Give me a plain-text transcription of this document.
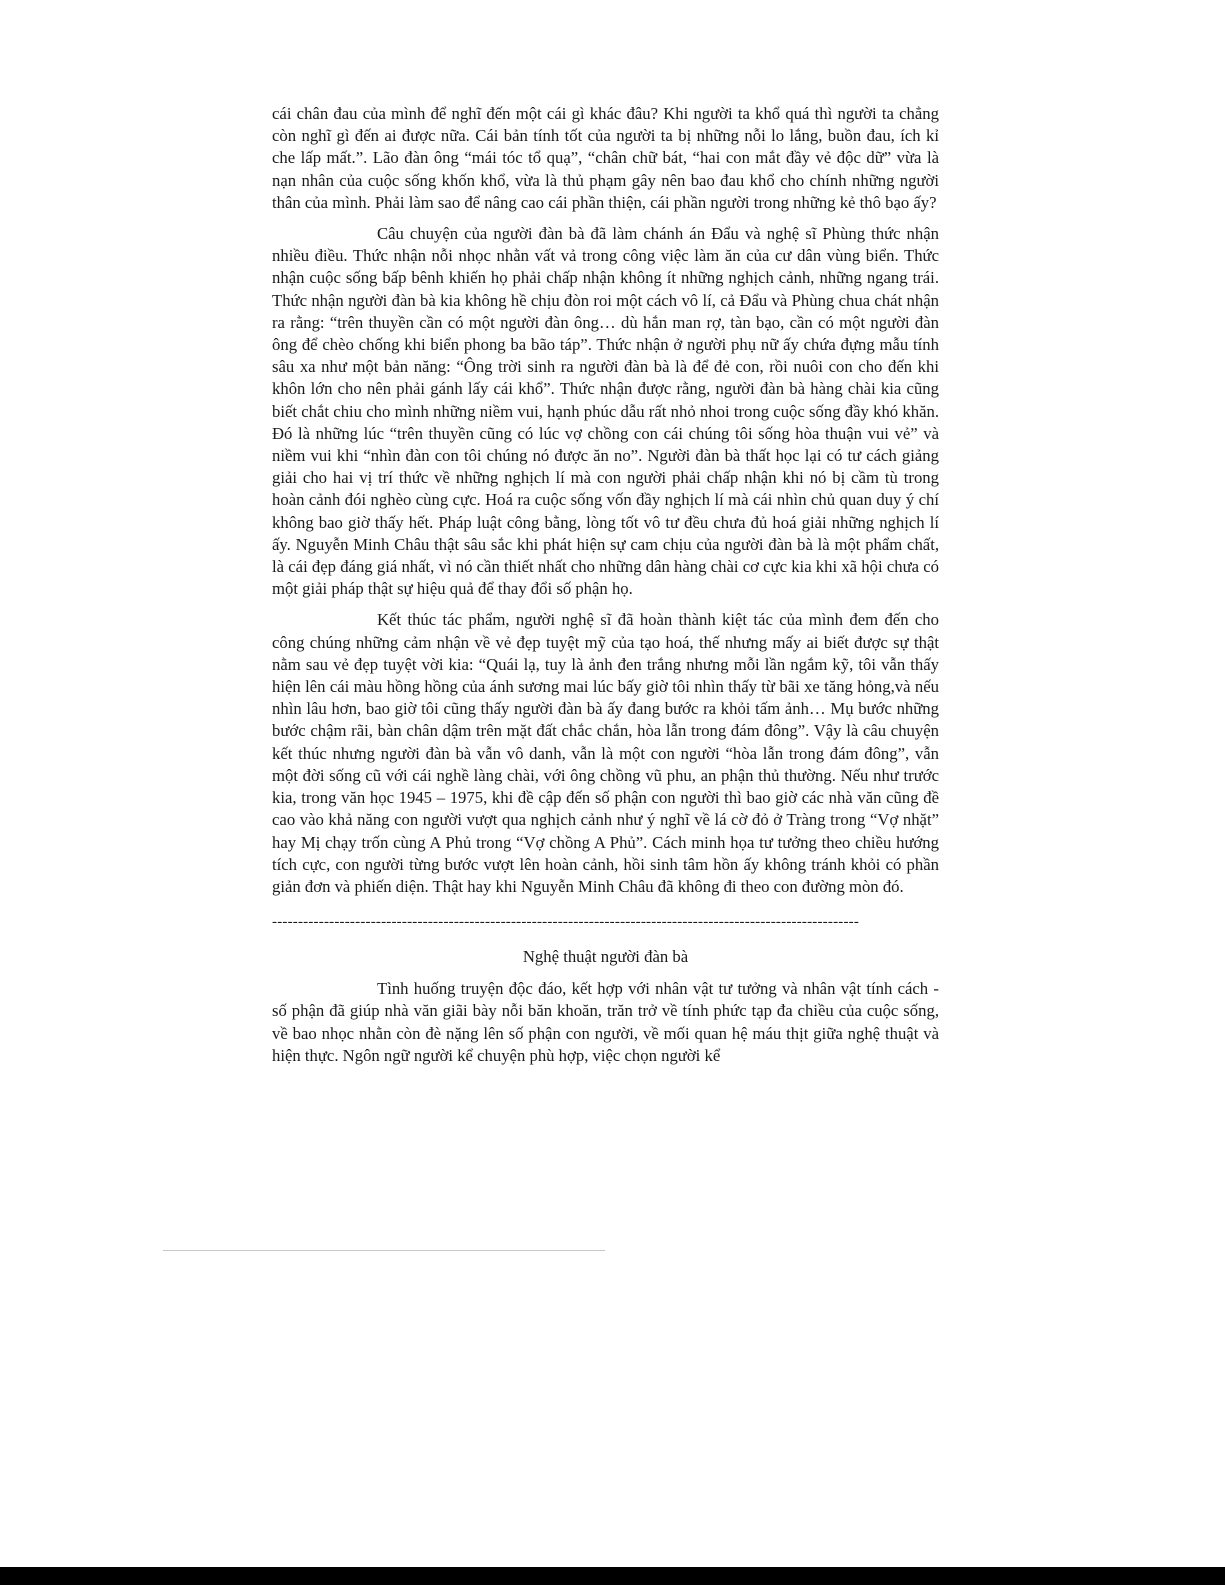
cái chân đau của mình để nghĩ đến một cái gì khác đâu? Khi người ta khổ quá thì người ta chẳng còn nghĩ gì đến ai được nữa. Cái bản tính tốt của người ta bị những nỗi lo lắng, buồn đau, ích kỉ che lấp mất.”. Lão đàn ông “mái tóc tổ quạ”, “chân chữ bát, “hai con mắt đầy vẻ độc dữ” vừa là nạn nhân của cuộc sống khốn khổ, vừa là thủ phạm gây nên bao đau khổ cho chính những người thân của mình. Phải làm sao để nâng cao cái phần thiện, cái phần người trong những kẻ thô bạo ấy?

Câu chuyện của người đàn bà đã làm chánh án Đẩu và nghệ sĩ Phùng thức nhận nhiều điều. Thức nhận nỗi nhọc nhằn vất vả trong công việc làm ăn của cư dân vùng biển. Thức nhận cuộc sống bấp bênh khiến họ phải chấp nhận không ít những nghịch cảnh, những ngang trái. Thức nhận người đàn bà kia không hề chịu đòn roi một cách vô lí, cả Đẩu và Phùng chua chát nhận ra rằng: “trên thuyền cần có một người đàn ông… dù hắn man rợ, tàn bạo, cần có một người đàn ông để chèo chống khi biển phong ba bão táp”. Thức nhận ở người phụ nữ ấy chứa đựng mẫu tính sâu xa như một bản năng: “Ông trời sinh ra người đàn bà là để đẻ con, rồi nuôi con cho đến khi khôn lớn cho nên phải gánh lấy cái khổ”. Thức nhận được rằng, người đàn bà hàng chài kia cũng biết chắt chiu cho mình những niềm vui, hạnh phúc dẫu rất nhỏ nhoi trong cuộc sống đầy khó khăn. Đó là những lúc “trên thuyền cũng có lúc vợ chồng con cái chúng tôi sống hòa thuận vui vẻ” và niềm vui khi “nhìn đàn con tôi chúng nó được ăn no”. Người đàn bà thất học lại có tư cách giảng giải cho hai vị trí thức về những nghịch lí mà con người phải chấp nhận khi nó bị cầm tù trong hoàn cảnh đói nghèo cùng cực. Hoá ra cuộc sống vốn đầy nghịch lí mà cái nhìn chủ quan duy ý chí không bao giờ thấy hết. Pháp luật công bằng, lòng tốt vô tư đều chưa đủ hoá giải những nghịch lí ấy. Nguyễn Minh Châu thật sâu sắc khi phát hiện sự cam chịu của người đàn bà là một phẩm chất, là cái đẹp đáng giá nhất, vì nó cần thiết nhất cho những dân hàng chài cơ cực kia khi xã hội chưa có một giải pháp thật sự hiệu quả để thay đổi số phận họ.

Kết thúc tác phẩm, người nghệ sĩ đã hoàn thành kiệt tác của mình đem đến cho công chúng những cảm nhận về vẻ đẹp tuyệt mỹ của tạo hoá, thế nhưng mấy ai biết được sự thật nằm sau vẻ đẹp tuyệt vời kia: “Quái lạ, tuy là ảnh đen trắng nhưng mỗi lần ngắm kỹ, tôi vẫn thấy hiện lên cái màu hồng hồng của ánh sương mai lúc bấy giờ tôi nhìn thấy từ bãi xe tăng hỏng,và nếu nhìn lâu hơn, bao giờ tôi cũng thấy người đàn bà ấy đang bước ra khỏi tấm ảnh… Mụ bước những bước chậm rãi, bàn chân dậm trên mặt đất chắc chắn, hòa lẫn trong đám đông”. Vậy là câu chuyện kết thúc nhưng người đàn bà vẫn vô danh, vẫn là một con người “hòa lẫn trong đám đông”, vẫn một đời sống cũ với cái nghề làng chài, với ông chồng vũ phu, an phận thủ thường. Nếu như trước kia, trong văn học 1945 – 1975, khi đề cập đến số phận con người thì bao giờ các nhà văn cũng đề cao vào khả năng con người vượt qua nghịch cảnh như ý nghĩ về lá cờ đỏ ở Tràng trong “Vợ nhặt” hay Mị chạy trốn cùng A Phủ trong “Vợ chồng A Phủ”. Cách minh họa tư tưởng theo chiều hướng tích cực, con người từng bước vượt lên hoàn cảnh, hồi sinh tâm hồn ấy không tránh khỏi có phần giản đơn và phiến diện. Thật hay khi Nguyễn Minh Châu đã không đi theo con đường mòn đó.

-----------------------------------------------------------------------------------------------------------------

Nghệ thuật người đàn bà

Tình huống truyện độc đáo, kết hợp với nhân vật tư tưởng và nhân vật tính cách - số phận đã giúp nhà văn giãi bày nỗi băn khoăn, trăn trở về tính phức tạp đa chiều của cuộc sống, về bao nhọc nhằn còn đè nặng lên số phận con người, về mối quan hệ máu thịt giữa nghệ thuật và hiện thực. Ngôn ngữ người kể chuyện phù hợp, việc chọn người kể
